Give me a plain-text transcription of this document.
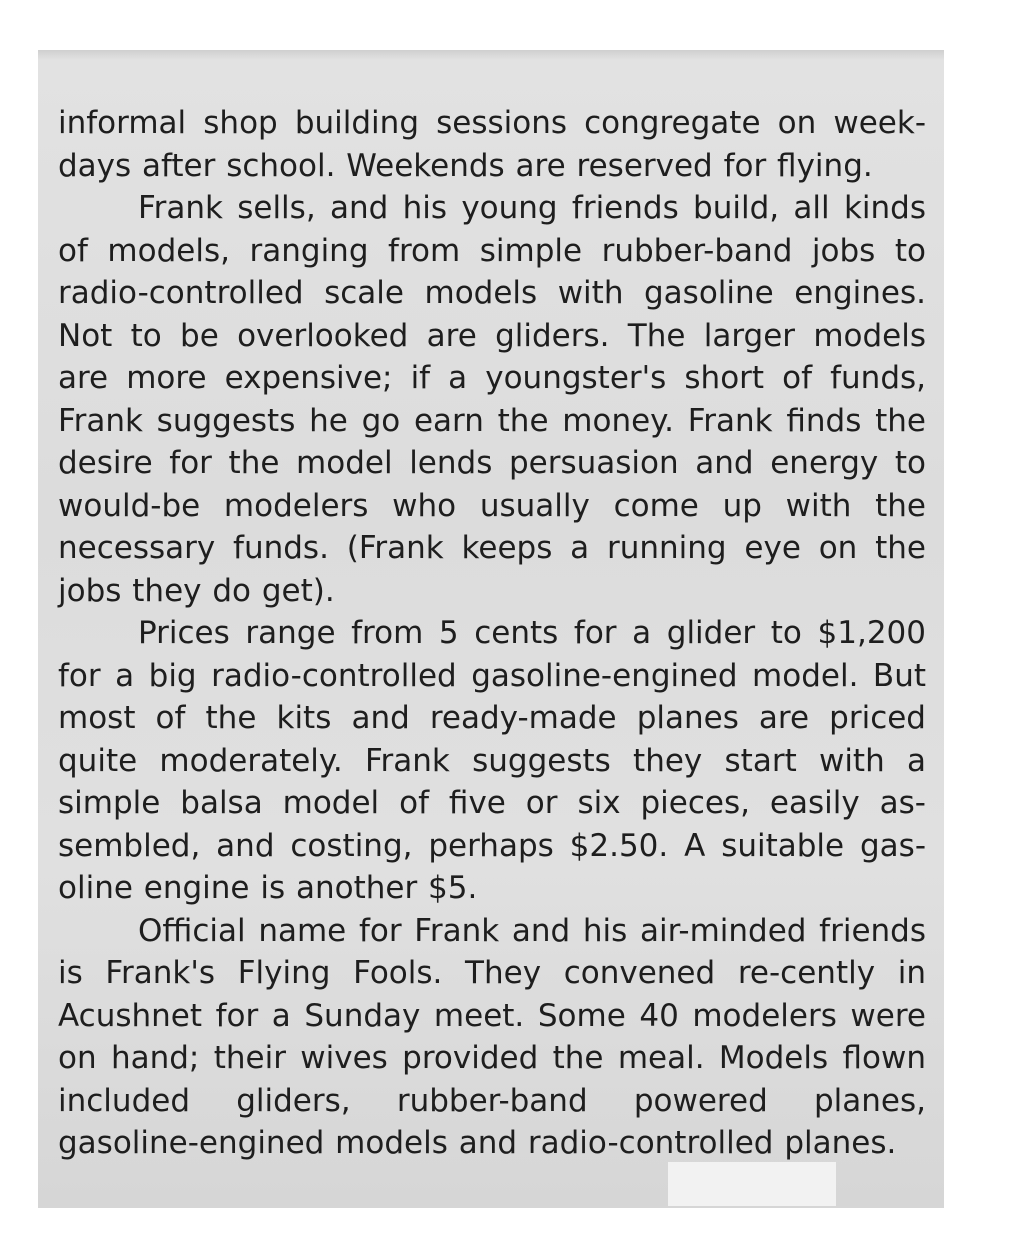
informal shop building sessions congregate on week-days after school. Weekends are reserved for flying.

Frank sells, and his young friends build, all kinds of models, ranging from simple rubber-band jobs to radio-controlled scale models with gasoline engines. Not to be overlooked are gliders. The larger models are more expensive; if a youngster's short of funds, Frank suggests he go earn the money. Frank finds the desire for the model lends persuasion and energy to would-be modelers who usually come up with the necessary funds. (Frank keeps a running eye on the jobs they do get).

Prices range from 5 cents for a glider to $1,200 for a big radio-controlled gasoline-engined model. But most of the kits and ready-made planes are priced quite moderately. Frank suggests they start with a simple balsa model of five or six pieces, easily as-sembled, and costing, perhaps $2.50. A suitable gas-oline engine is another $5.

Official name for Frank and his air-minded friends is Frank's Flying Fools. They convened re-cently in Acushnet for a Sunday meet. Some 40 modelers were on hand; their wives provided the meal. Models flown included gliders, rubber-band powered planes, gasoline-engined models and radio-controlled planes.
